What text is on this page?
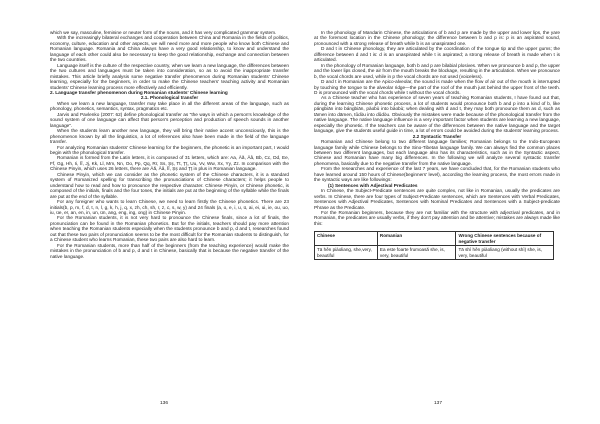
which we say, masculine, feminine or neuter form of the nouns, and it has very complicated grammar system.

With the increasingly bilateral exchanges and cooperation between China and Romania in the fields of politics, economy, culture, education and other aspects, we will need more and more people who know both Chinese and Romanian language. Romania and China always have a very good relationship, to know and understand the language of each other could also be necessary to keep the good relationship, exchange and connection between the two countries.

Language itself is the culture of the respective country, when we learn a new language, the differences between the two cultures and languages must be taken into consideration, so as to avoid the inappropriate transfer mistakes. This article briefly analysis some negative transfer phenomenon during Romanian students' Chinese learning, especially for the beginners, in order to make the Chinese teachers' teaching activity and Romanian students' Chinese learning process more effectively and efficiently.

2. Language transfer phenomenon during Romanian students' Chinese learning

2.1. Phonological transfer

When we learn a new language, transfer may take place in all the different areas of the language, such as phonology, phonetics, semantics, syntax, pragmatics etc.

Jarvis and Pavlenko (2007: 62) define phonological transfer as "the ways in which a person's knowledge of the sound system of one language can affect that person's perception and production of speech sounds in another language".

When the students learn another new language, they will bring their native accent unconsciously, this is the phenomenon known by all the linguistics, a lot of references also have been made in the field of the language transfer.

For analyzing Romanian students' Chinese learning for the beginners, the phonetic is an important part, I would begin with the phonological transfer.

Romanian is formed from the Latin letters, it is composed of 31 letters, which are: Aa, Ăă, Ââ, Bb, Cc, Dd, Ee, Ff, Gg, Hh, Ii, Îî, Jj, Kk, Ll, Mm, Nn, Oo, Pp, Qq, Rr, Ss, Șș, Tt, Țț, Uu, Vv, Ww, Xx, Yy, Zz. In comparison with the Chinese Pinyin, which uses 26 letters, there are Ăă, Ââ, Îî, Șș and Țț in plus in Romanian language.

Chinese Pinyin, which we can consider as the phonetic system of the Chinese characters, it is a standard system of Romanized spelling for transcribing the pronunciations of Chinese characters; it helps people to understand how to read and how to pronounce the respective character. Chinese Pinyin, or Chinese phonetic, is composed of the initials, finals and the four tones, the initials are put at the beginning of the syllable while the finals are put at the end of the syllable.

For any foreigner who wants to learn Chinese, we need to learn firstly the Chinese phonetics. There are 23 initials(b, p, m, f, d, t, n, l, g, k, h, j, q, x, zh, ch, sh, r, z, c, s, w, y) and 24 finals (a, o, e, i, u, ü, ai, ei, ui, ie, ou, uo, iu, üe, er, an, en, in, un, ün, ang, eng, ing, ong) in Chinese Pinyin.

For the Romanian students, it is not very hard to pronounce the Chinese finals, since a lot of finals, the pronunciation can be found in the Romanian phonetics. But for the initials, teachers should pay more attention when teaching the Romanian students especially when the students pronounce b and p, d and t, researches found out that these two pairs of pronunciation seems to be the most difficult for the Romanian students to distinguish, for a Chinese student who learns Romanian, these two pairs are also hard to learn.

For the Romanian students, more than half of the beginners (from the teaching experience) would make the mistakes in the pronunciation of b and p, d and t in Chinese, basically that is because the negative transfer of the native language.

136

In the phonology of Mandarin Chinese, the articulations of b and p are made by the upper and lower lips, the yare at the foremost location in the Chinese phonology; the difference between b and p is: p is an aspirated sound, pronounced with a strong release of breath while b is an unaspirated one.

D and t in Chinese phonology, they are articulated by the coordination of the tongue tip and the upper gums; the difference between d and t is: d is an unaspirated while t is aspirated; a strong release of breath is made when t is articulated.

In the phonology of Romanian language, both b and p are bilabial plosives. When we pronounce b and p, the upper and the lower lips closed, the air from the mouth breaks the blockage, resulting in the articulation. When we pronounce b, the vocal chords are used, while in p the vocal chords are not used (voiceless).

D and t in Romanian are the Apico-alveolar, the sound is made when the flow of air out of the mouth is interrupted by touching the tongue to the alveolar ridge—the part of the roof of the mouth just behind the upper front of the teeth. D is pronounced with the vocal chords while t without the vocal chords.

As a Chinese teacher who has experience of seven years of teaching Romanian students, I have found out that, during the learning Chinese phonetic process, a lot of students would pronounce both b and p into a kind of b, like pángbiān into bángbiān, pàobù into bàobù; when dealing with d and t, they may both pronounce them as d, such as tāmen into dāmen, tǔdòu into dǔdòu. Obviously the mistakes were made because of the phonological transfer from the native language. The native language influence is a very important factor when students are learning a new language, especially the phonetic. If the teachers can be aware of the differences between the native language and the target language, give the students useful guide in time, a lot of errors could be avoided during the students' learning process.

2.2 Syntactic Transfer

Romanian and Chinese belong to two different language families; Romanian belongs to the Indo-European language family while Chinese belongs to the Sino-Tibetan language family. We can always find the common places between two different languages, but each language also has its characteristics, such as in the Syntactic aspect, Chinese and Romanian have many big differences. In the following we will analyze several syntactic transfer phenomena, basically due to the negative transfer from the native language.

From the researches and experience of the last 7 years, we have concluded that, for the Romanian students who have learned around 150 hours of Chinese(beginners' level), according the learning process, the most errors made in the syntactic ways are like followings:

(1) Sentences with Adjectival Predicates

In Chinese, the Subject-Predicate sentences are quite complex, not like in Romanian, usually the predicates are verbs. In Chinese, there are four types of Subject-Predicate sentences, which are Sentences with Verbal Predicates, Sentences with Adjectival Predicates, Sentences with Nominal Predicates and Sentences with a Subject-predicate Phrase as the Predicate.

For the Romanian beginners, because they are not familiar with the structure with adjectival predicates, and in Romanian, the predicates are usually verbs, if they don't pay attention and be attentive; mistakes are always made like this:

Chinese	Romanian	Wrong Chinese sentences because of negative transfer
Tā hěn piàoliang, she,very, beautiful	Ea este foarte frumoasă she, is, very, beautiful	Tā shì hěn piàoliang (without shì) she, is, very, beautiful
137
